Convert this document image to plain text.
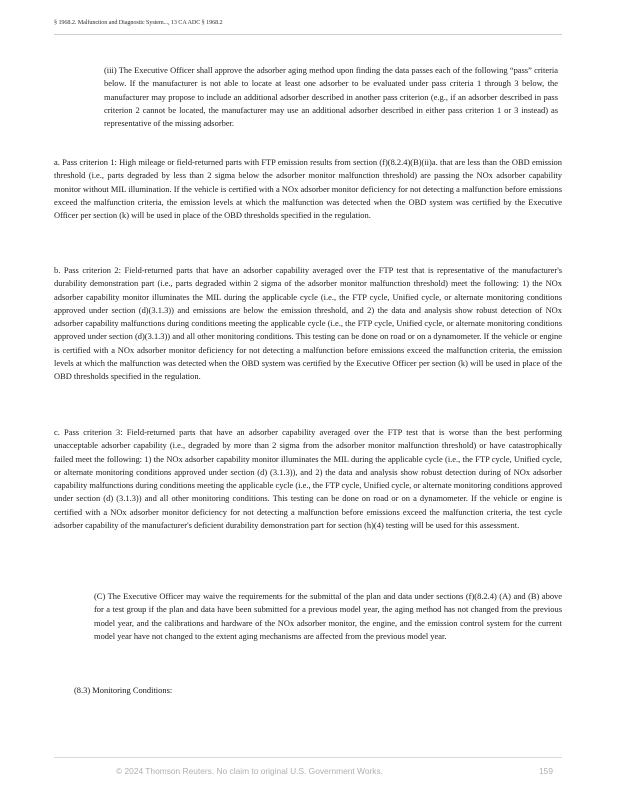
§ 1968.2. Malfunction and Diagnostic System..., 13 CA ADC § 1968.2

(iii) The Executive Officer shall approve the adsorber aging method upon finding the data passes each of the following “pass” criteria below. If the manufacturer is not able to locate at least one adsorber to be evaluated under pass criteria 1 through 3 below, the manufacturer may propose to include an additional adsorber described in another pass criterion (e.g., if an adsorber described in pass criterion 2 cannot be located, the manufacturer may use an additional adsorber described in either pass criterion 1 or 3 instead) as representative of the missing adsorber.

a. Pass criterion 1: High mileage or field-returned parts with FTP emission results from section (f)(8.2.4)(B)(ii)a. that are less than the OBD emission threshold (i.e., parts degraded by less than 2 sigma below the adsorber monitor malfunction threshold) are passing the NOx adsorber capability monitor without MIL illumination. If the vehicle is certified with a NOx adsorber monitor deficiency for not detecting a malfunction before emissions exceed the malfunction criteria, the emission levels at which the malfunction was detected when the OBD system was certified by the Executive Officer per section (k) will be used in place of the OBD thresholds specified in the regulation.

b. Pass criterion 2: Field-returned parts that have an adsorber capability averaged over the FTP test that is representative of the manufacturer's durability demonstration part (i.e., parts degraded within 2 sigma of the adsorber monitor malfunction threshold) meet the following: 1) the NOx adsorber capability monitor illuminates the MIL during the applicable cycle (i.e., the FTP cycle, Unified cycle, or alternate monitoring conditions approved under section (d)(3.1.3)) and emissions are below the emission threshold, and 2) the data and analysis show robust detection of NOx adsorber capability malfunctions during conditions meeting the applicable cycle (i.e., the FTP cycle, Unified cycle, or alternate monitoring conditions approved under section (d)(3.1.3)) and all other monitoring conditions. This testing can be done on road or on a dynamometer. If the vehicle or engine is certified with a NOx adsorber monitor deficiency for not detecting a malfunction before emissions exceed the malfunction criteria, the emission levels at which the malfunction was detected when the OBD system was certified by the Executive Officer per section (k) will be used in place of the OBD thresholds specified in the regulation.

c. Pass criterion 3: Field-returned parts that have an adsorber capability averaged over the FTP test that is worse than the best performing unacceptable adsorber capability (i.e., degraded by more than 2 sigma from the adsorber monitor malfunction threshold) or have catastrophically failed meet the following: 1) the NOx adsorber capability monitor illuminates the MIL during the applicable cycle (i.e., the FTP cycle, Unified cycle, or alternate monitoring conditions approved under section (d) (3.1.3)), and 2) the data and analysis show robust detection during of NOx adsorber capability malfunctions during conditions meeting the applicable cycle (i.e., the FTP cycle, Unified cycle, or alternate monitoring conditions approved under section (d) (3.1.3)) and all other monitoring conditions. This testing can be done on road or on a dynamometer. If the vehicle or engine is certified with a NOx adsorber monitor deficiency for not detecting a malfunction before emissions exceed the malfunction criteria, the test cycle adsorber capability of the manufacturer's deficient durability demonstration part for section (h)(4) testing will be used for this assessment.

(C) The Executive Officer may waive the requirements for the submittal of the plan and data under sections (f)(8.2.4) (A) and (B) above for a test group if the plan and data have been submitted for a previous model year, the aging method has not changed from the previous model year, and the calibrations and hardware of the NOx adsorber monitor, the engine, and the emission control system for the current model year have not changed to the extent aging mechanisms are affected from the previous model year.

(8.3) Monitoring Conditions:

© 2024 Thomson Reuters. No claim to original U.S. Government Works.	159
